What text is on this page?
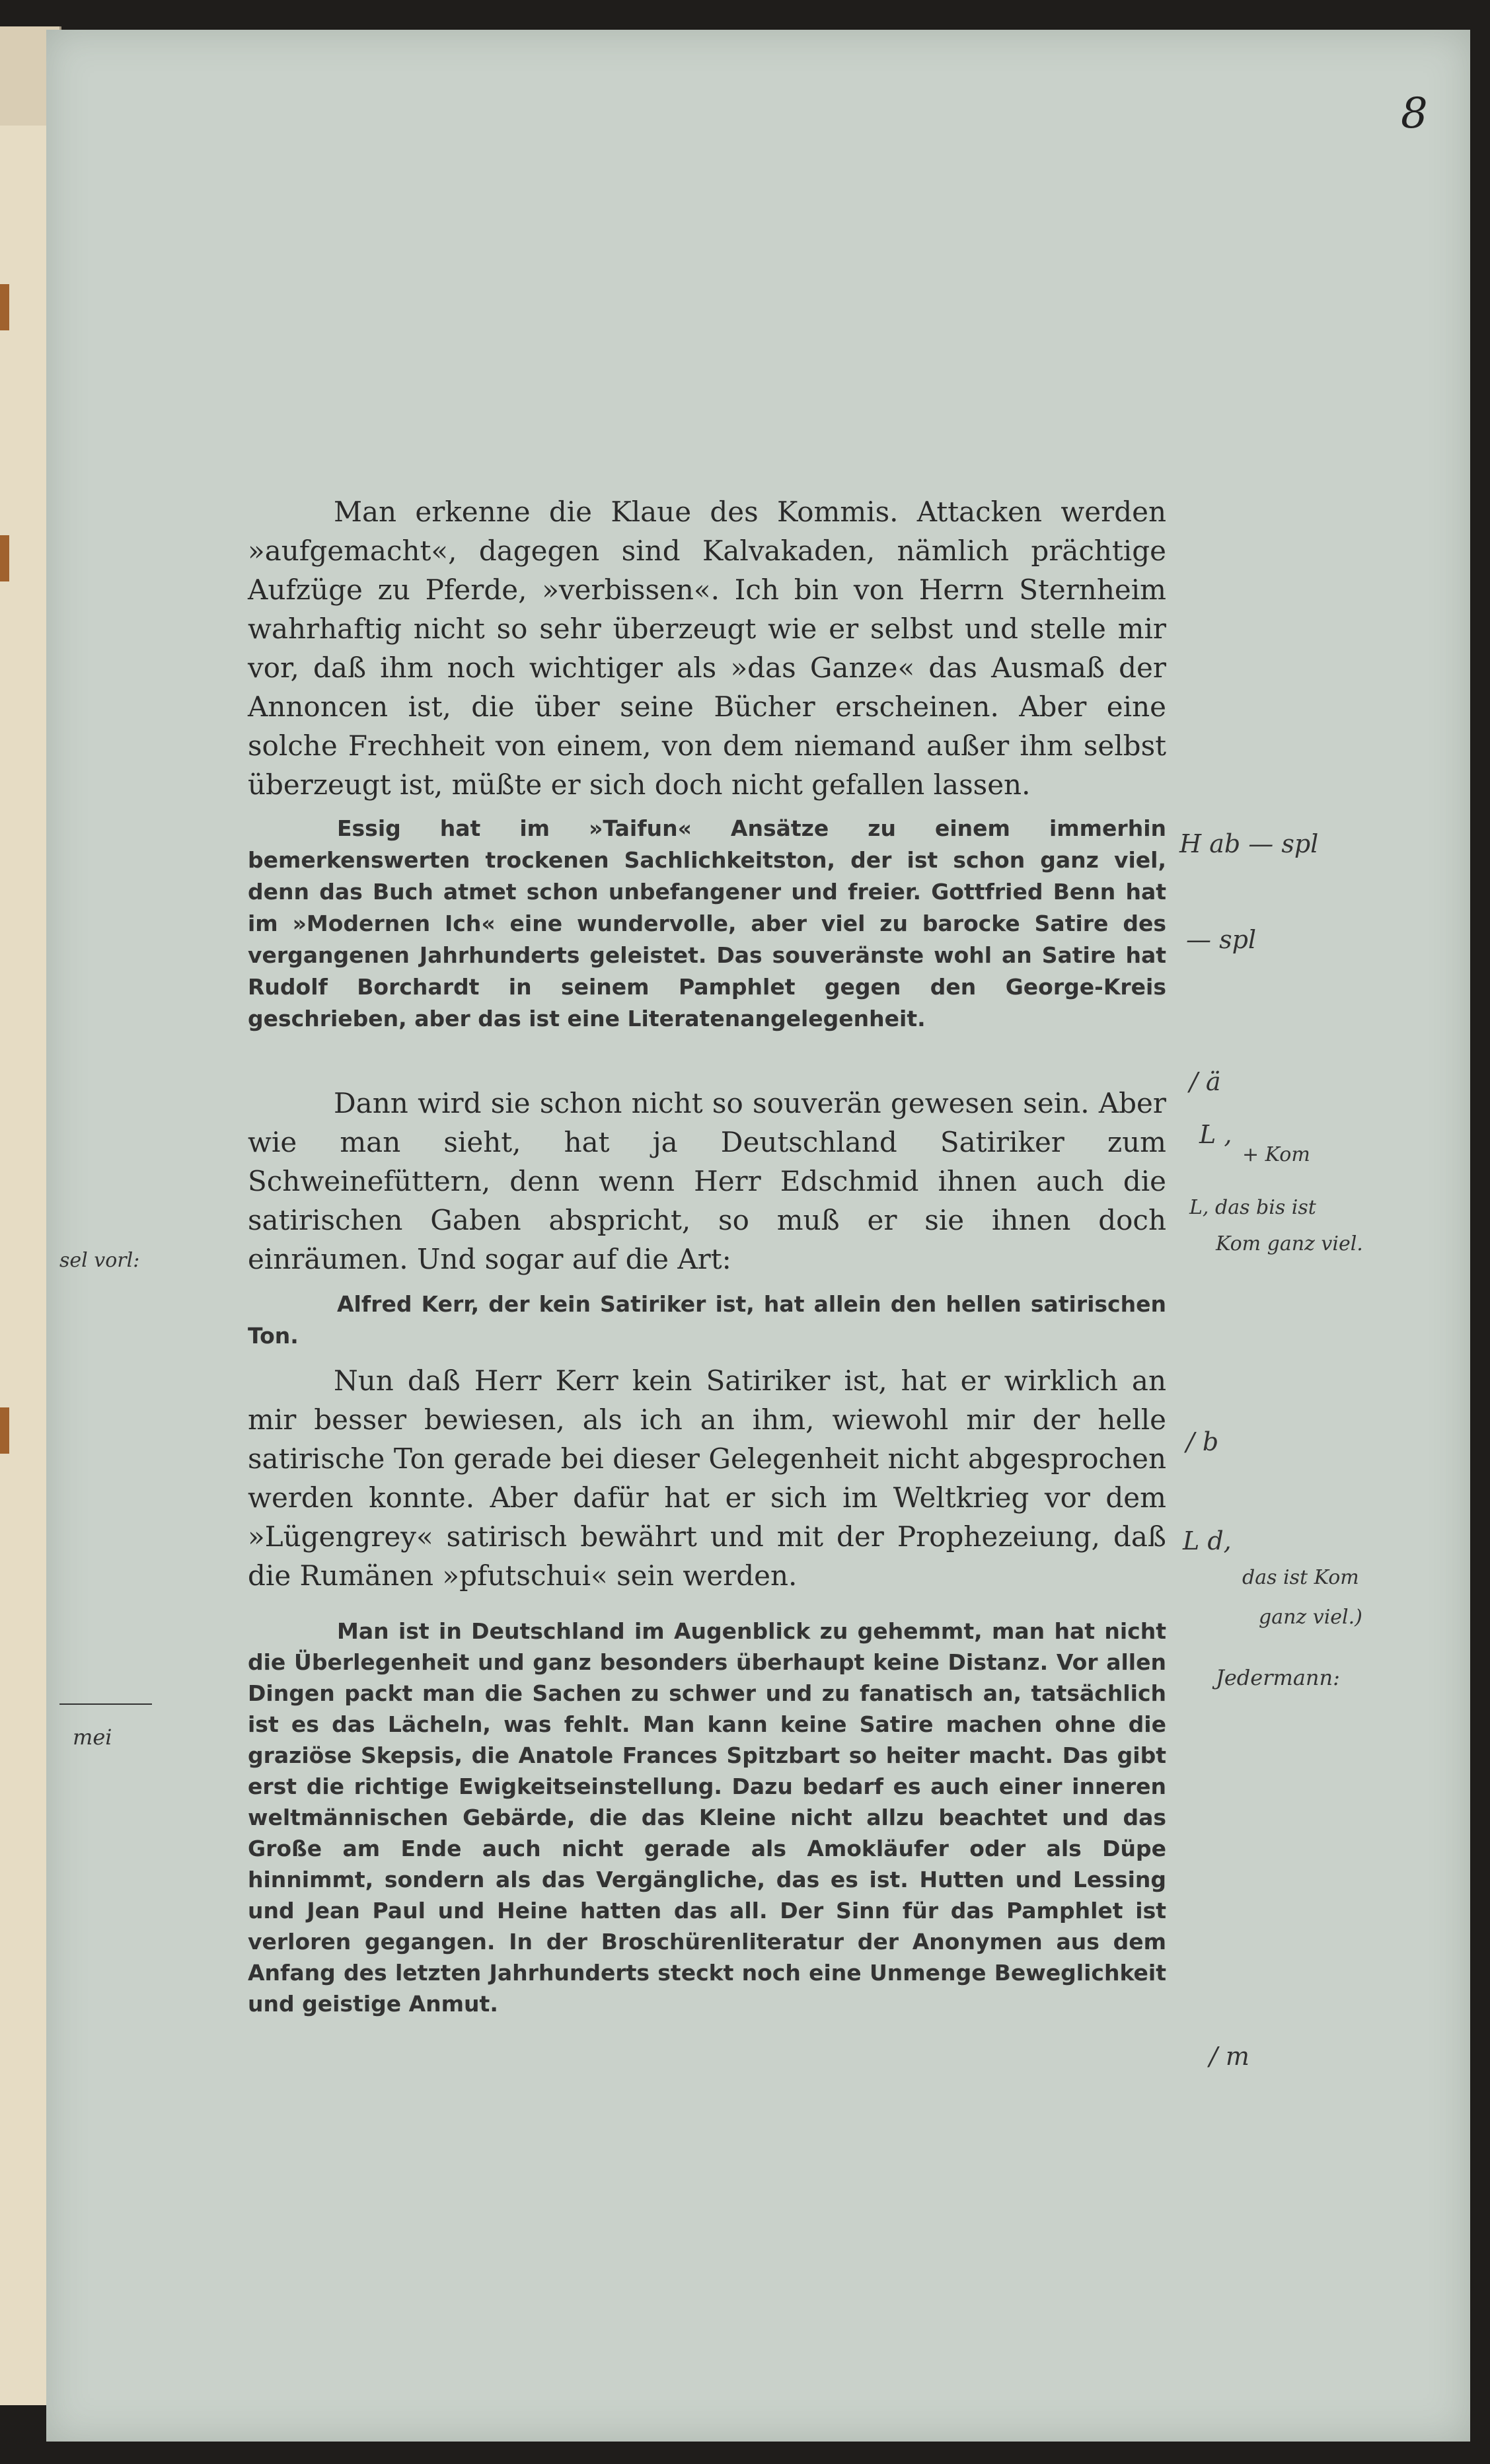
8

Man erkenne die Klaue des Kommis. Attacken werden »aufgemacht«, dagegen sind Kalvakaden, nämlich prächtige Aufzüge zu Pferde, »verbissen«. Ich bin von Herrn Sternheim wahrhaftig nicht so sehr überzeugt wie er selbst und stelle mir vor, daß ihm noch wichtiger als »das Ganze« das Ausmaß der Annoncen ist, die über seine Bücher erscheinen. Aber eine solche Frechheit von einem, von dem niemand außer ihm selbst überzeugt ist, müßte er sich doch nicht gefallen lassen.

Essig hat im »Taifun« Ansätze zu einem immerhin bemerkenswerten trockenen Sachlichkeitston, der ist schon ganz viel, denn das Buch atmet schon unbefangener und freier. Gottfried Benn hat im »Modernen Ich« eine wundervolle, aber viel zu barocke Satire des vergangenen Jahrhunderts geleistet. Das souveränste wohl an Satire hat Rudolf Borchardt in seinem Pamphlet gegen den George-Kreis geschrieben, aber das ist eine Literatenangelegenheit.

Dann wird sie schon nicht so souverän gewesen sein. Aber wie man sieht, hat ja Deutschland Satiriker zum Schweinefüttern, denn wenn Herr Edschmid ihnen auch die satirischen Gaben abspricht, so muß er sie ihnen doch einräumen. Und sogar auf die Art:

Alfred Kerr, der kein Satiriker ist, hat allein den hellen satirischen Ton.

Nun daß Herr Kerr kein Satiriker ist, hat er wirklich an mir besser bewiesen, als ich an ihm, wiewohl mir der helle satirische Ton gerade bei dieser Gelegenheit nicht abgesprochen werden konnte. Aber dafür hat er sich im Weltkrieg vor dem »Lügengrey« satirisch bewährt und mit der Prophezeiung, daß die Rumänen »pfutschui« sein werden.

Man ist in Deutschland im Augenblick zu gehemmt, man hat nicht die Überlegenheit und ganz besonders überhaupt keine Distanz. Vor allen Dingen packt man die Sachen zu schwer und zu fanatisch an, tatsächlich ist es das Lächeln, was fehlt. Man kann keine Satire machen ohne die graziöse Skepsis, die Anatole Frances Spitzbart so heiter macht. Das gibt erst die richtige Ewigkeitseinstellung. Dazu bedarf es auch einer inneren weltmännischen Gebärde, die das Kleine nicht allzu beachtet und das Große am Ende auch nicht gerade als Amokläufer oder als Düpe hinnimmt, sondern als das Vergängliche, das es ist. Hutten und Lessing und Jean Paul und Heine hatten das all. Der Sinn für das Pamphlet ist verloren gegangen. In der Broschürenliteratur der Anonymen aus dem Anfang des letzten Jahrhunderts steckt noch eine Unmenge Beweglichkeit und geistige Anmut.

H ab — spl
— spl
/ ä
L ,
+ Kom
L, das bis ist
Kom ganz viel.
sel vorl:
/ b
L d,
das ist Kom
ganz viel.)
Jedermann:
mei
/ m
